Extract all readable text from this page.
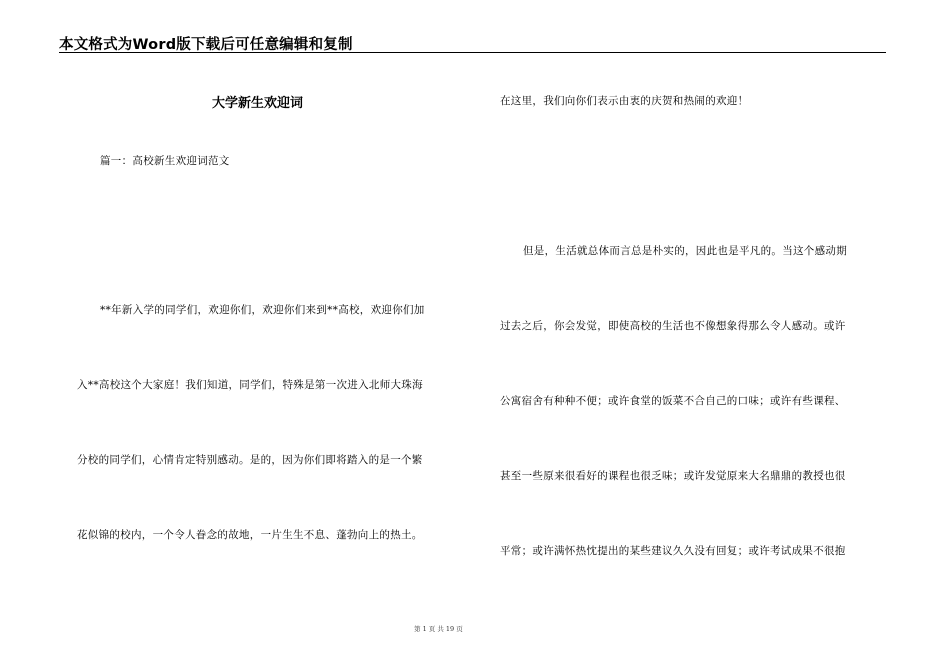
本文格式为Word版下载后可任意编辑和复制
大学新生欢迎词
篇一：高校新生欢迎词范文
**年新入学的同学们，欢迎你们，欢迎你们来到**高校，欢迎你们加
入**高校这个大家庭！我们知道，同学们，特殊是第一次进入北师大珠海
分校的同学们，心情肯定特别感动。是的，因为你们即将踏入的是一个繁
花似锦的校内，一个令人眷念的故地，一片生生不息、蓬勃向上的热土。
在这里，我们向你们表示由衷的庆贺和热闹的欢迎！
但是，生活就总体而言总是朴实的，因此也是平凡的。当这个感动期
过去之后，你会发觉，即使高校的生活也不像想象得那么令人感动。或许
公寓宿舍有种种不便；或许食堂的饭菜不合自己的口味；或许有些课程、
甚至一些原来很看好的课程也很乏味；或许发觉原来大名鼎鼎的教授也很
平常；或许满怀热忱提出的某些建议久久没有回复；或许考试成果不很抱
第 1 页 共 19 页
